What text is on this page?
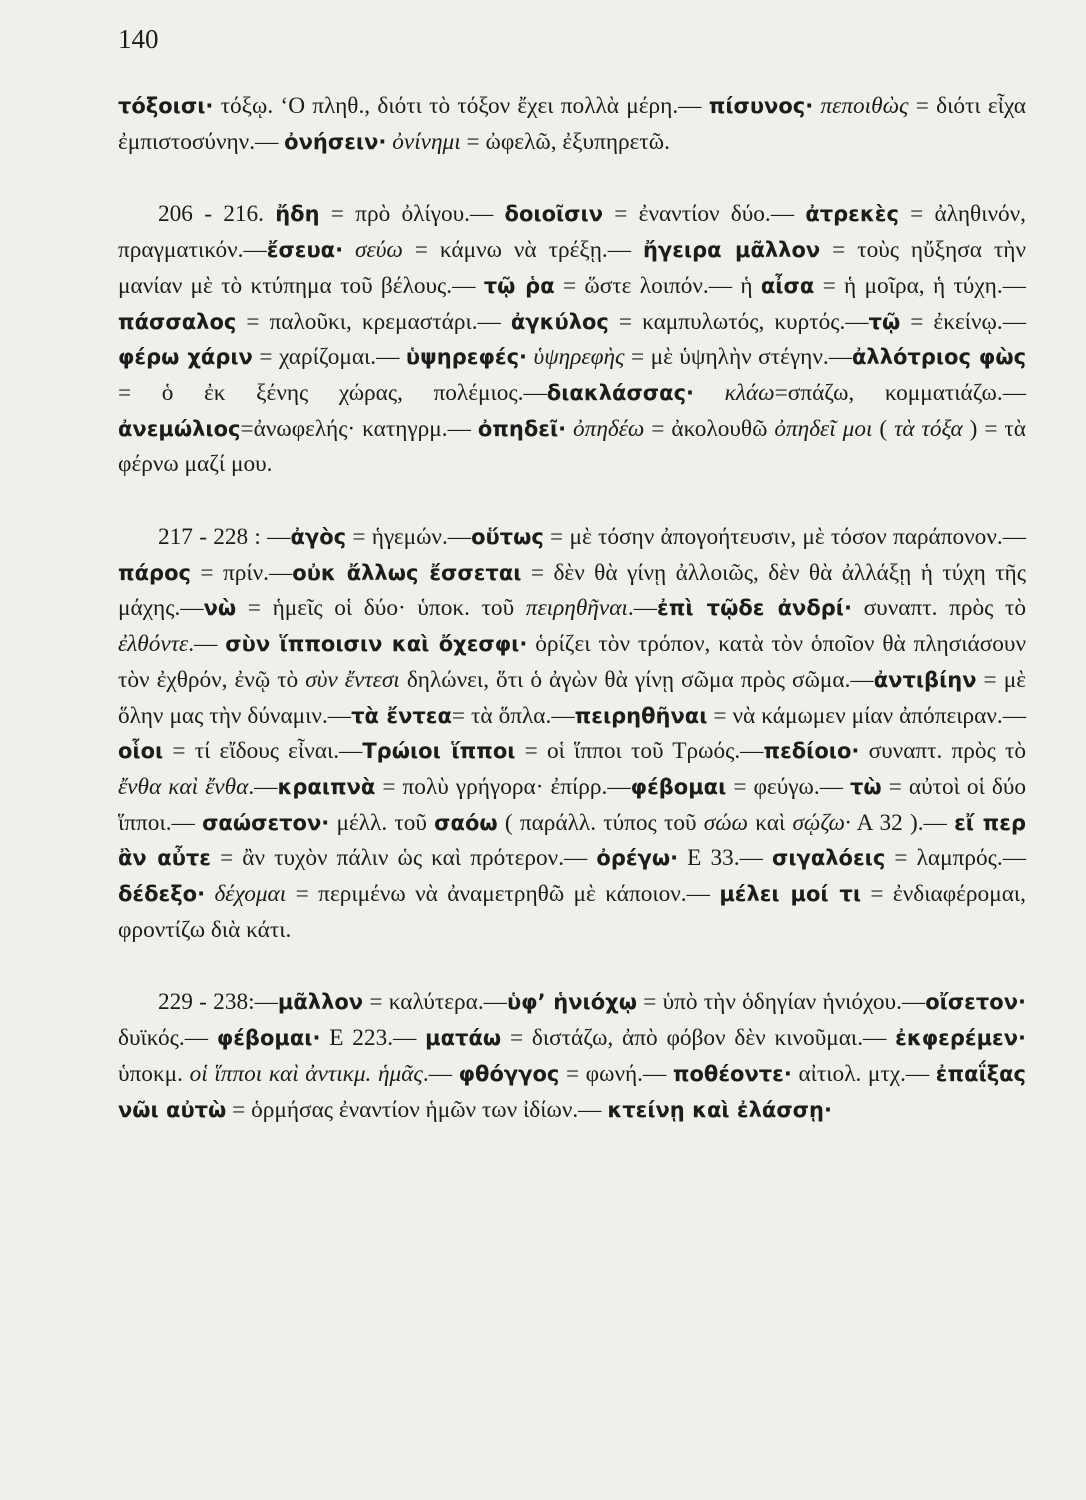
140

τόξοισι· τόξῳ. ‘Ο πληθ., διότι τὸ τόξον ἔχει πολλὰ μέρη.— πίσυνος· πεποιθὼς = διότι εἶχα ἐμπιστοσύνην.— ὀνήσειν· ὀνίνημι = ὠφελῶ, ἐξυπηρετῶ.

206 - 216. ἤδη = πρὸ ὀλίγου.— δοιοῖσιν = ἐναντίον δύο.— ἀτρεκὲς = ἀληθινόν, πραγματικόν.—ἔσευα· σεύω = κάμνω νὰ τρέξῃ.— ἤγειρα μᾶλλον = τοὺς ηὔξησα τὴν μανίαν μὲ τὸ κτύπημα τοῦ βέλους.— τῷ ῥα = ὥστε λοιπόν.— ἡ αἶσα = ἡ μοῖρα, ἡ τύχη.— πάσσαλος = παλοῦκι, κρεμαστάρι.— ἀγκύλος = καμπυλωτός, κυρτός.—τῷ = ἐκείνῳ.—φέρω χάριν = χαρίζομαι.— ὑψηρεφές· ὑψηρεφὴς = μὲ ὑψηλὴν στέγην.—ἀλλότριος φὼς = ὁ ἐκ ξένης χώρας, πολέμιος.—διακλάσσας· κλάω=σπάζω, κομματιάζω.—ἀνεμώλιος=ἀνωφελής· κατηγρμ.— ὀπηδεῖ· ὀπηδέω = ἀκολουθῶ ὀπηδεῖ μοι ( τὰ τόξα ) = τὰ φέρνω μαζί μου.

217 - 228 : —ἀγὸς = ἡγεμών.—οὕτως = μὲ τόσην ἀπογοήτευσιν, μὲ τόσον παράπονον.—πάρος = πρίν.—οὐκ ἄλλως ἔσσεται = δὲν θὰ γίνῃ ἀλλοιῶς, δὲν θὰ ἀλλάξῃ ἡ τύχη τῆς μάχης.—νὼ = ἡμεῖς οἱ δύο· ὑποκ. τοῦ πειρηθῆναι.—ἐπὶ τῷδε ἀνδρί· συναπτ. πρὸς τὸ ἐλθόντε.— σὺν ἵπποισιν καὶ ὄχεσφι· ὁρίζει τὸν τρόπον, κατὰ τὸν ὁποῖον θὰ πλησιάσουν τὸν ἐχθρόν, ἐνῷ τὸ σὺν ἔντεσι δηλώνει, ὅτι ὁ ἀγὼν θὰ γίνῃ σῶμα πρὸς σῶμα.—ἀντιβίην = μὲ ὅλην μας τὴν δύναμιν.—τὰ ἔντεα= τὰ ὅπλα.—πειρηθῆναι = νὰ κάμωμεν μίαν ἀπόπειραν.—οἷοι = τί εἴδους εἶναι.—Τρώιοι ἵπποι = οἱ ἵπποι τοῦ Τρωός.—πεδίοιο· συναπτ. πρὸς τὸ ἔνθα καὶ ἔνθα.—κραιπνὰ = πολὺ γρήγορα· ἐπίρρ.—φέβομαι = φεύγω.— τὼ = αὐτοὶ οἱ δύο ἵπποι.— σαώσετον· μέλλ. τοῦ σαόω ( παράλλ. τύπος τοῦ σώω καὶ σῴζω· Α 32 ).— εἴ περ ἂν αὖτε = ἂν τυχὸν πάλιν ὡς καὶ πρότερον.— ὀρέγω· Ε 33.— σιγαλόεις = λαμπρός.— δέδεξο· δέχομαι = περιμένω νὰ ἀναμετρηθῶ μὲ κάποιον.— μέλει μοί τι = ἐνδιαφέρομαι, φροντίζω διὰ κάτι.

229 - 238:—μᾶλλον = καλύτερα.—ὑφ’ ἡνιόχῳ = ὑπὸ τὴν ὁδηγίαν ἡνιόχου.—οἴσετον· δυϊκός.— φέβομαι· Ε 223.— ματάω = διστάζω, ἀπὸ φόβον δὲν κινοῦμαι.— ἐκφερέμεν· ὑποκμ. οἱ ἵπποι καὶ ἀντικμ. ἡμᾶς.— φθόγγος = φωνή.— ποθέοντε· αἰτιολ. μτχ.— ἐπαΐξας νῶι αὐτὼ = ὁρμήσας ἐναντίον ἡμῶν των ἰδίων.— κτείνῃ καὶ ἐλάσσῃ·
